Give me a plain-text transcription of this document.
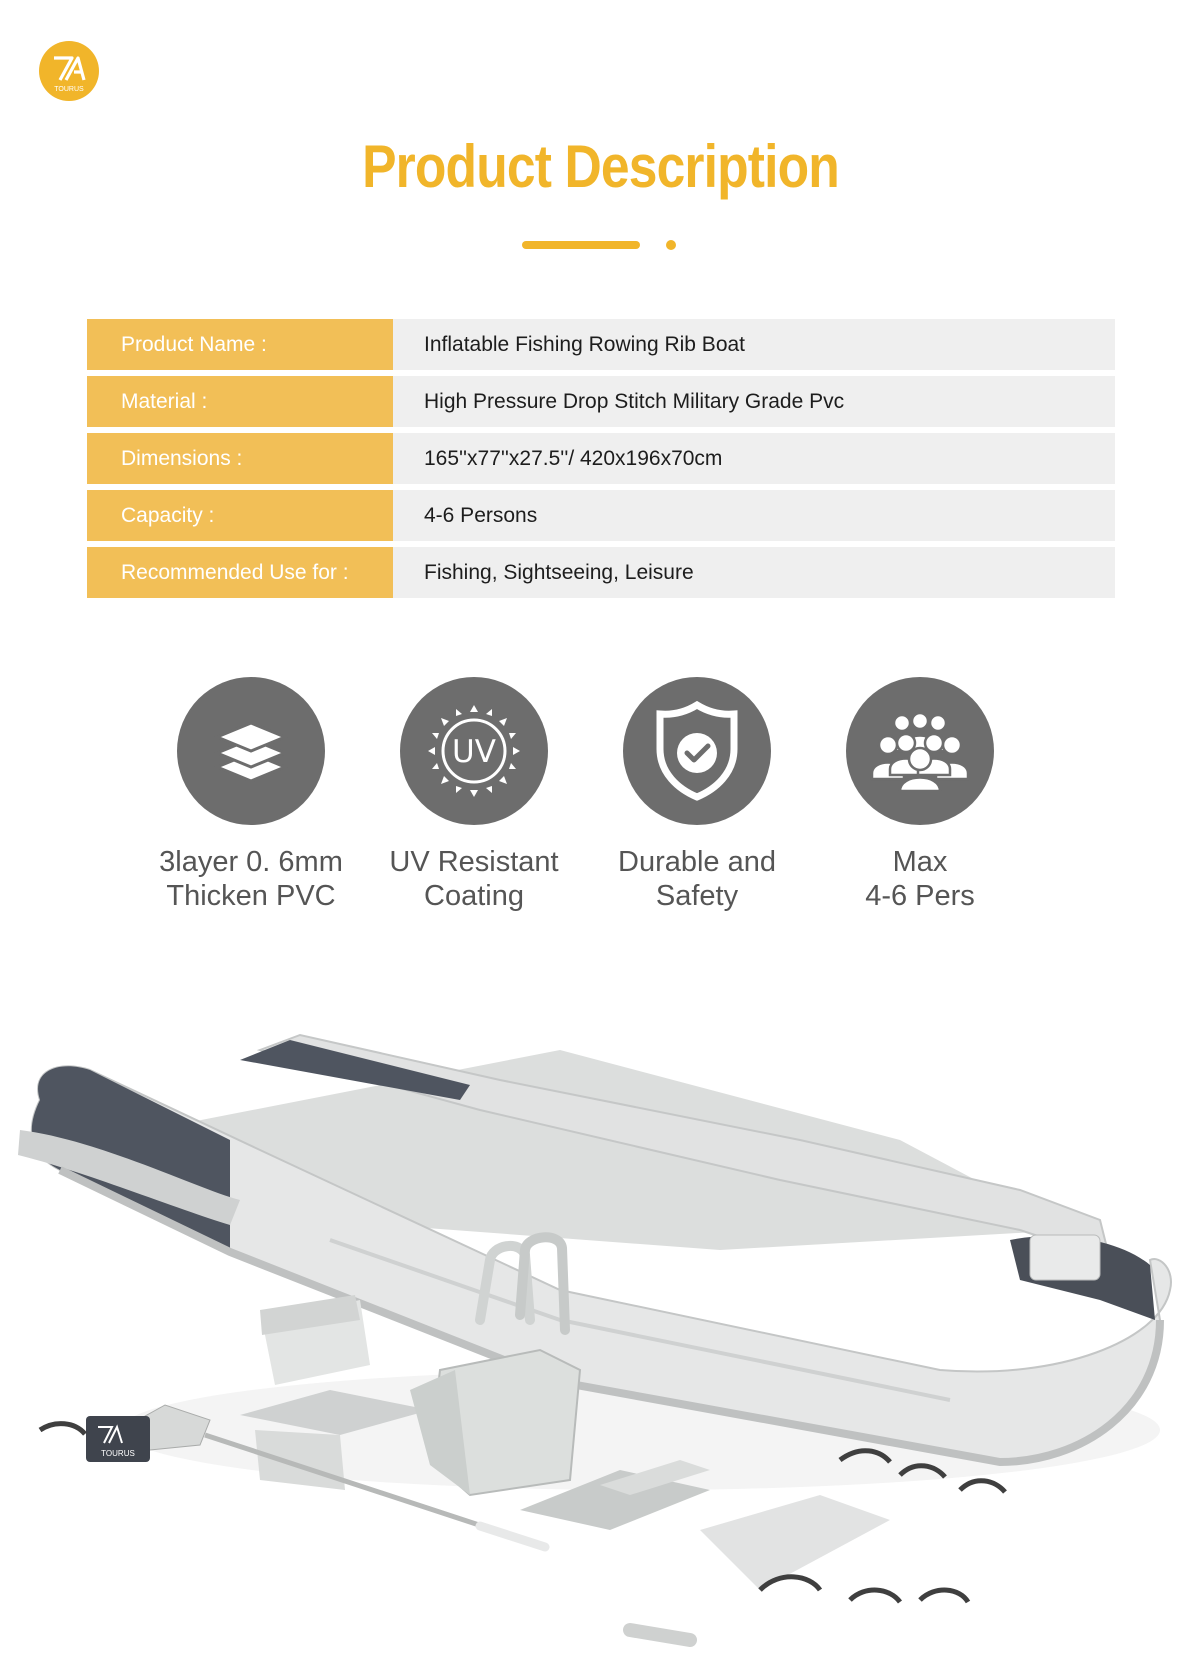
TOURUS
Product Description
Product Name :	Inflatable Fishing Rowing Rib Boat
Material :	High Pressure Drop Stitch Military Grade Pvc
Dimensions :	165''x77''x27.5''/ 420x196x70cm
Capacity :	4-6 Persons
Recommended Use for :	Fishing, Sightseeing, Leisure
3layer 0. 6mm
Thicken PVC
UV
UV Resistant
Coating
Durable and
Safety
Max
4-6 Pers
TOURUS
